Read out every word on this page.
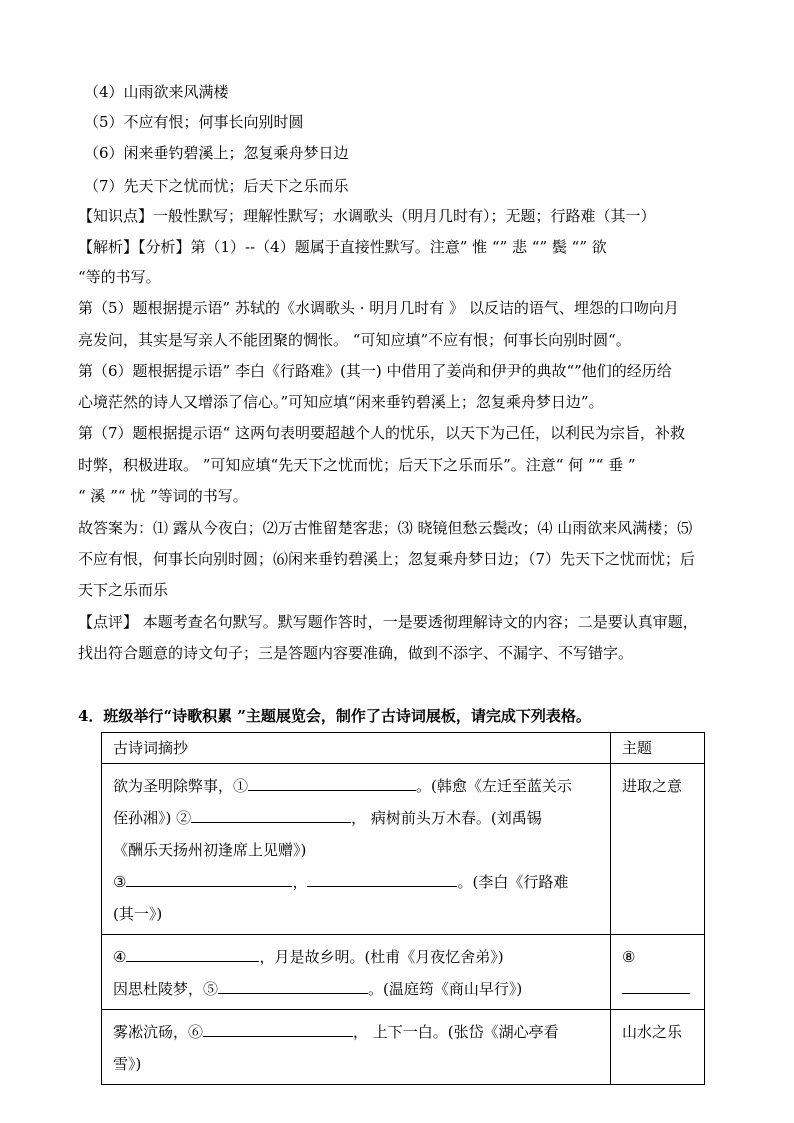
（4）山雨欲来风满楼
（5）不应有恨；何事长向别时圆
（6）闲来垂钓碧溪上；忽复乘舟梦日边
（7）先天下之忧而忧；后天下之乐而乐
【知识点】一般性默写；理解性默写；水调歌头（明月几时有）；无题；行路难（其一）
【解析】【分析】第（1）--（4）题属于直接性默写。注意” 惟 “” 悲 “” 鬓 “” 欲
“等的书写。
第（5）题根据提示语” 苏轼的《水调歌头 · 明月几时有 》 以反诘的语气、埋怨的口吻向月
亮发问，其实是写亲人不能团聚的惆怅。 “可知应填”不应有恨；何事长向别时圆“。
第（6）题根据提示语” 李白《行路难》(其一) 中借用了姜尚和伊尹的典故“”他们的经历给
心境茫然的诗人又增添了信心。”可知应填“闲来垂钓碧溪上；忽复乘舟梦日边”。
第（7）题根据提示语“ 这两句表明要超越个人的忧乐，以天下为己任，以利民为宗旨，补救
时弊，积极进取。 ”可知应填“先天下之忧而忧；后天下之乐而乐”。注意“ 何 ”“ 垂 ”
“ 溪 ”“ 忧 ”等词的书写。
故答案为：⑴ 露从今夜白；⑵万古惟留楚客悲；⑶ 晓镜但愁云鬓改；⑷ 山雨欲来风满楼；⑸
不应有恨，何事长向别时圆；⑹闲来垂钓碧溪上；忽复乘舟梦日边；（7）先天下之忧而忧；后
天下之乐而乐
【点评】 本题考查名句默写。默写题作答时，一是要透彻理解诗文的内容；二是要认真审题，
找出符合题意的诗文句子；三是答题内容要准确，做到不添字、不漏字、不写错字。
4．班级举行“诗歌积累 ”主题展览会，制作了古诗词展板，请完成下列表格。
古诗词摘抄	主题

欲为圣明除弊事，① 。(韩愈《左迁至蓝关示
侄孙湘》) ② ， 病树前头万木春。(刘禹锡
《酬乐天扬州初逢席上见赠》)
③ ， 。(李白《行路难
(其一》)	进取之意

④ ，月是故乡明。(杜甫《月夜忆舍弟》)
因思杜陵梦，⑤ 。(温庭筠《商山早行》)	⑧

雾凇沆砀，⑥ ， 上下一白。(张岱《湖心亭看
雪》)	山水之乐
